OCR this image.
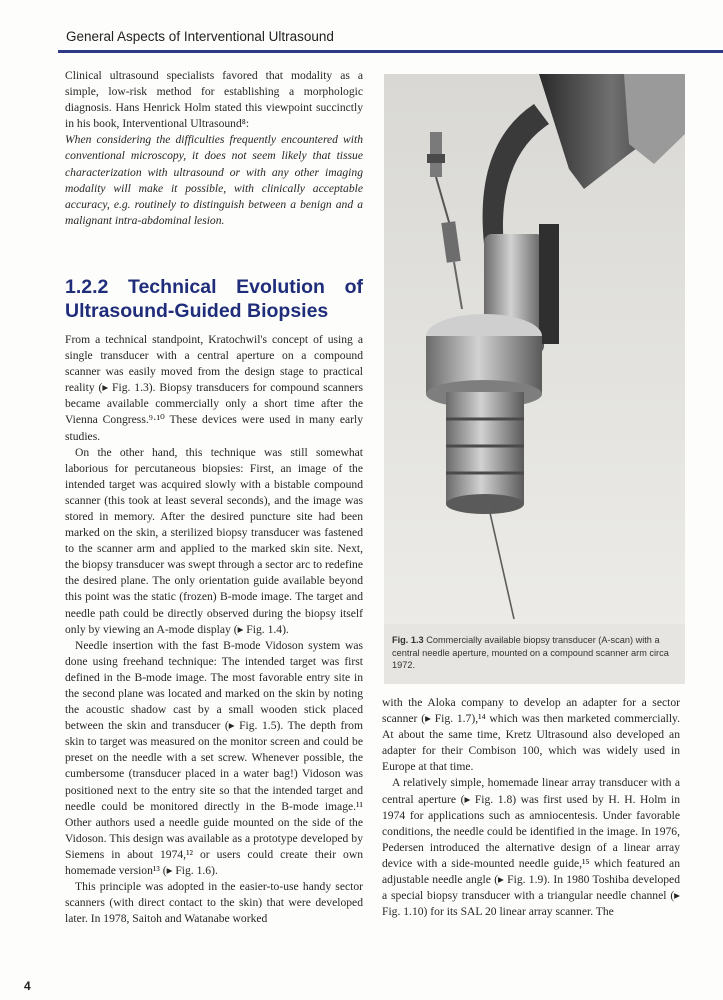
General Aspects of Interventional Ultrasound

Clinical ultrasound specialists favored that modality as a simple, low-risk method for establishing a morphologic diagnosis. Hans Henrick Holm stated this viewpoint succinctly in his book, Interventional Ultrasound⁸:

When considering the difficulties frequently encountered with conventional microscopy, it does not seem likely that tissue characterization with ultrasound or with any other imaging modality will make it possible, with clinically acceptable accuracy, e.g. routinely to distinguish between a benign and a malignant intra-abdominal lesion.

1.2.2 Technical Evolution of Ultrasound-Guided Biopsies

From a technical standpoint, Kratochwil's concept of using a single transducer with a central aperture on a compound scanner was easily moved from the design stage to practical reality (▸ Fig. 1.3). Biopsy transducers for compound scanners became available commercially only a short time after the Vienna Congress.⁹·¹⁰ These devices were used in many early studies.

On the other hand, this technique was still somewhat laborious for percutaneous biopsies: First, an image of the intended target was acquired slowly with a bistable compound scanner (this took at least several seconds), and the image was stored in memory. After the desired puncture site had been marked on the skin, a sterilized biopsy transducer was fastened to the scanner arm and applied to the marked skin site. Next, the biopsy transducer was swept through a sector arc to redefine the desired plane. The only orientation guide available beyond this point was the static (frozen) B-mode image. The target and needle path could be directly observed during the biopsy itself only by viewing an A-mode display (▸ Fig. 1.4).

Needle insertion with the fast B-mode Vidoson system was done using freehand technique: The intended target was first defined in the B-mode image. The most favorable entry site in the second plane was located and marked on the skin by noting the acoustic shadow cast by a small wooden stick placed between the skin and transducer (▸ Fig. 1.5). The depth from skin to target was measured on the monitor screen and could be preset on the needle with a set screw. Whenever possible, the cumbersome (transducer placed in a water bag!) Vidoson was positioned next to the entry site so that the intended target and needle could be monitored directly in the B-mode image.¹¹ Other authors used a needle guide mounted on the side of the Vidoson. This design was available as a prototype developed by Siemens in about 1974,¹² or users could create their own homemade version¹³ (▸ Fig. 1.6).

This principle was adopted in the easier-to-use handy sector scanners (with direct contact to the skin) that were developed later. In 1978, Saitoh and Watanabe worked

Fig. 1.3 Commercially available biopsy transducer (A-scan) with a central needle aperture, mounted on a compound scanner arm circa 1972.

with the Aloka company to develop an adapter for a sector scanner (▸ Fig. 1.7),¹⁴ which was then marketed commercially. At about the same time, Kretz Ultrasound also developed an adapter for their Combison 100, which was widely used in Europe at that time.

A relatively simple, homemade linear array transducer with a central aperture (▸ Fig. 1.8) was first used by H. H. Holm in 1974 for applications such as amniocentesis. Under favorable conditions, the needle could be identified in the image. In 1976, Pedersen introduced the alternative design of a linear array device with a side-mounted needle guide,¹⁵ which featured an adjustable needle angle (▸ Fig. 1.9). In 1980 Toshiba developed a special biopsy transducer with a triangular needle channel (▸ Fig. 1.10) for its SAL 20 linear array scanner. The

4
